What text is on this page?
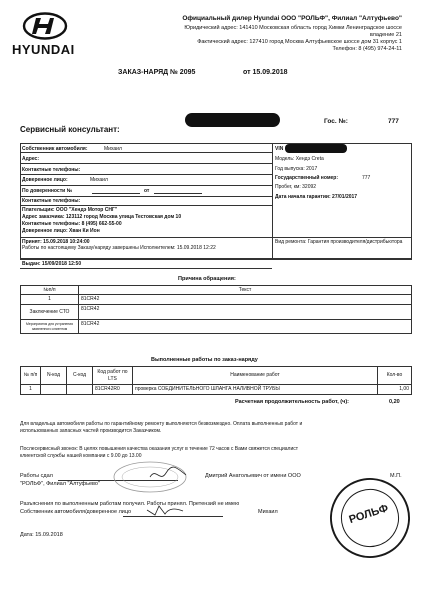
HYUNDAI
Официальный дилер Hyundai ООО "РОЛЬФ", Филиал "Алтуфьево"
Юридический адрес: 141410 Московская область город Химки Ленинградское шоссе
владение 21
Фактический адрес: 127410 город Москва Алтуфьевское шоссе дом 31 корпус 1
Телефон: 8 (495) 974-24-11
ЗАКАЗ-НАРЯД № 2095	от 15.09.2018
Сервисный консультант:
Гос. №:	777
Собственник автомобиля:	Михаил
Адрес:
Контактные телефоны:
Доверенное лицо:	Михаил
По доверенности №	от
Контактные телефоны:
Плательщик: ООО "Хендэ Мотор СНГ"
Адрес заказчика: 123112 город Москва улица Тестовская дом 10
Контактные телефоны: 8 (495) 662-55-00
Доверенное лицо: Хван Ки Ион
VIN
Модель: Хендэ Creta
Год выпуска: 2017
Государственный номер:	777
Пробег, км: 32092
Дата начала гарантии: 27/01/2017
Принят: 15.09.2018 10:24:00
Работы по настоящему Заказу/наряду завершены Исполнителем: 15.09.2018 12:22
Выдан: 15/09/2018 12:50
Вид ремонта: Гарантия производителя/дистрибьютора
Причина обращения:
№п/п	Текст
1	81CR42
Заключение СТО	81CR42
Мероприятия для устранения заявленного клиентом	81CR42
Выполненные работы по заказ-наряду
№ п/п	N-код	С-код	Код работ по LTS	Наименование работ	Кол-во
1			81CR42R0	проверка СОЕДИНИТЕЛЬНОГО ШЛАНГА НАЛИВНОЙ ТРУБЫ	1,00
Расчетная продолжительность работ, (ч):	0,20
Для владельца автомобиля работы по гарантийному ремонту выполняются безвозмездно. Оплата выполненных работ и
использованных запасных частей производится Заказчиком.
Послесервисный звонок: В целях повышения качества оказания услуг в течение 72 часов с Вами свяжется специалист
клиентской службы нашей компании с 9.00 до 13.00
Работы сдал
"РОЛЬФ", Филиал "Алтуфьево"
Дмитрий Анатольевич от имени ООО	М.П.
Разъяснения по выполненным работам получил. Работы принял. Претензий не имею
Собственник автомобиля/доверенное лицо	Михаил
Дата: 15.09.2018
РОЛЬФ
